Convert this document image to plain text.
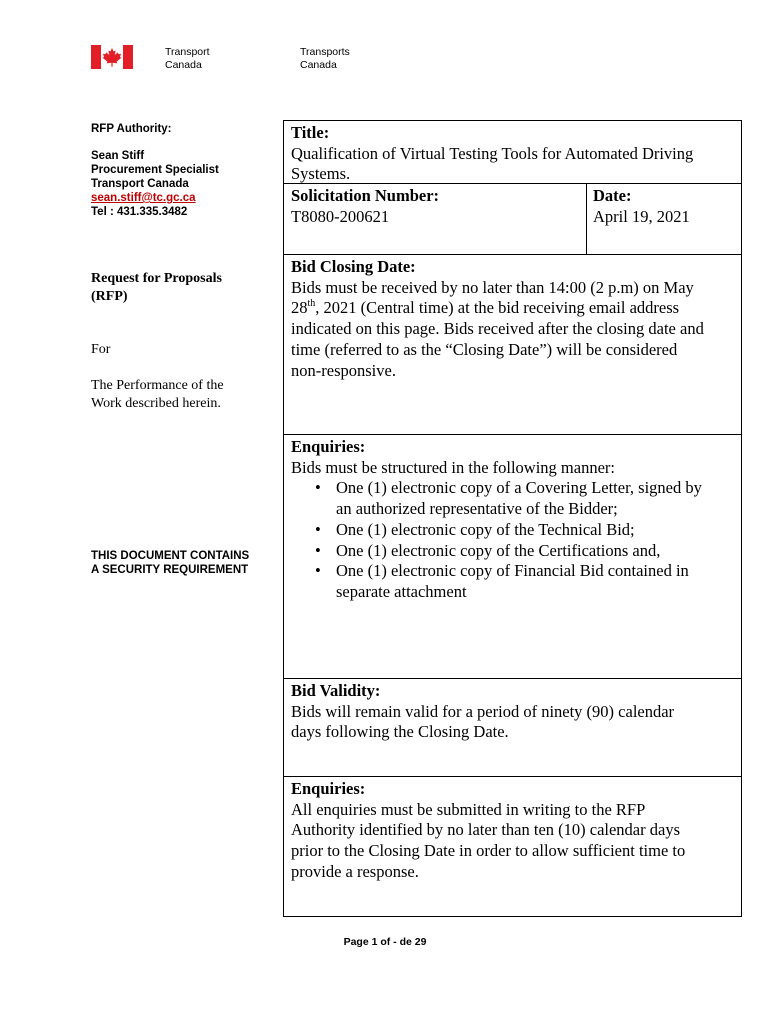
Transport
Canada
Transports
Canada
RFP Authority:
Sean Stiff
Procurement Specialist
Transport Canada
sean.stiff@tc.gc.ca
Tel : 431.335.3482
Request for Proposals
(RFP)
For
The Performance of the
Work described herein.
THIS DOCUMENT CONTAINS
A SECURITY REQUIREMENT
Title:
Qualification of Virtual Testing Tools for Automated Driving
Systems.
Solicitation Number:
T8080-200621
Date:
April 19, 2021
Bid Closing Date:
Bids must be received by no later than 14:00 (2 p.m) on May
28th, 2021 (Central time) at the bid receiving email address
indicated on this page. Bids received after the closing date and
time (referred to as the “Closing Date”) will be considered
non-responsive.
Enquiries:
Bids must be structured in the following manner:
• One (1) electronic copy of a Covering Letter, signed by
an authorized representative of the Bidder;
• One (1) electronic copy of the Technical Bid;
• One (1) electronic copy of the Certifications and,
• One (1) electronic copy of Financial Bid contained in
separate attachment
Bid Validity:
Bids will remain valid for a period of ninety (90) calendar
days following the Closing Date.
Enquiries:
All enquiries must be submitted in writing to the RFP
Authority identified by no later than ten (10) calendar days
prior to the Closing Date in order to allow sufficient time to
provide a response.
Page 1 of - de 29
